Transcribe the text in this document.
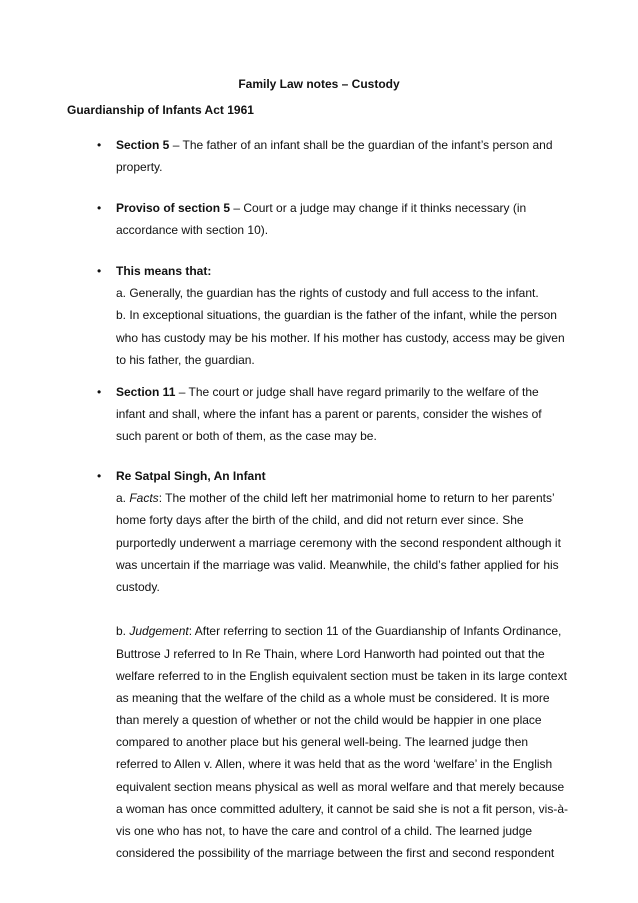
Family Law notes – Custody
Guardianship of Infants Act 1961
• Section 5 – The father of an infant shall be the guardian of the infant’s person and
property.
• Proviso of section 5 – Court or a judge may change if it thinks necessary (in
accordance with section 10).
• This means that:
a. Generally, the guardian has the rights of custody and full access to the infant.
b. In exceptional situations, the guardian is the father of the infant, while the person
who has custody may be his mother. If his mother has custody, access may be given
to his father, the guardian.
• Section 11 – The court or judge shall have regard primarily to the welfare of the
infant and shall, where the infant has a parent or parents, consider the wishes of
such parent or both of them, as the case may be.
• Re Satpal Singh, An Infant
a. Facts: The mother of the child left her matrimonial home to return to her parents’
home forty days after the birth of the child, and did not return ever since. She
purportedly underwent a marriage ceremony with the second respondent although it
was uncertain if the marriage was valid. Meanwhile, the child’s father applied for his
custody.
b. Judgement: After referring to section 11 of the Guardianship of Infants Ordinance,
Buttrose J referred to In Re Thain, where Lord Hanworth had pointed out that the
welfare referred to in the English equivalent section must be taken in its large context
as meaning that the welfare of the child as a whole must be considered. It is more
than merely a question of whether or not the child would be happier in one place
compared to another place but his general well-being. The learned judge then
referred to Allen v. Allen, where it was held that as the word ‘welfare’ in the English
equivalent section means physical as well as moral welfare and that merely because
a woman has once committed adultery, it cannot be said she is not a fit person, vis-à-
vis one who has not, to have the care and control of a child. The learned judge
considered the possibility of the marriage between the first and second respondent
